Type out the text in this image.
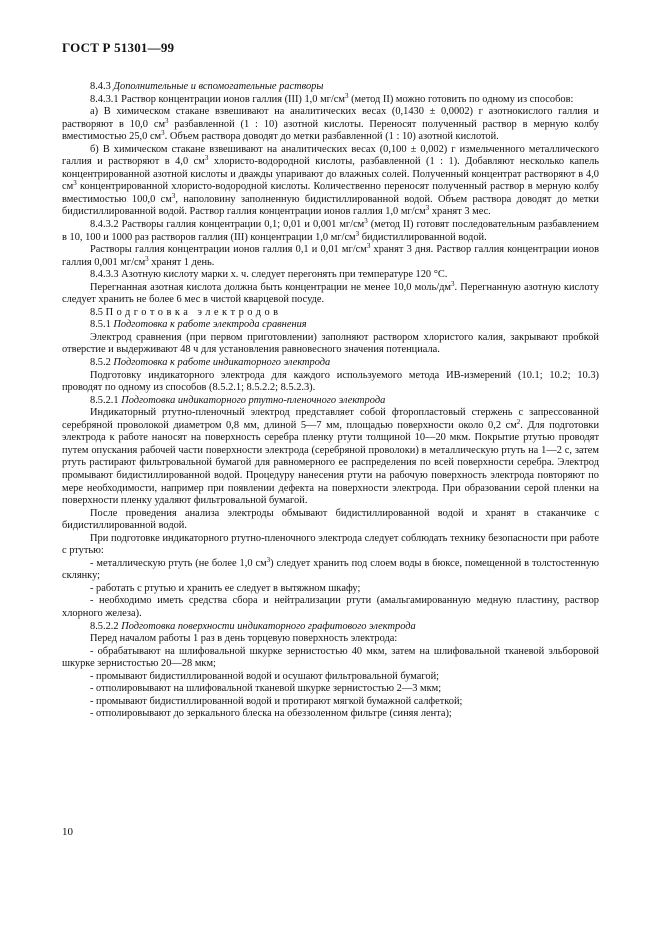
ГОСТ Р 51301—99

8.4.3 Дополнительные и вспомогательные растворы

8.4.3.1 Раствор концентрации ионов галлия (III) 1,0 $мг/см^3$ (метод II) можно готовить по одному из способов:

а) В химическом стакане взвешивают на аналитических весах (0,1430 ± 0,0002) г азотнокислого галлия и растворяют в 10,0 $см^3$ разбавленной (1 : 10) азотной кислоты. Переносят полученный раствор в мерную колбу вместимостью 25,0 $см^3$. Объем раствора доводят до метки разбавленной (1 : 10) азотной кислотой.

б) В химическом стакане взвешивают на аналитических весах (0,100 ± 0,002) г измельченного металлического галлия и растворяют в 4,0 $см^3$ хлористо-водородной кислоты, разбавленной (1 : 1). Добавляют несколько капель концентрированной азотной кислоты и дважды упаривают до влажных солей. Полученный концентрат растворяют в 4,0 $см^3$ концентрированной хлористо-водородной кислоты. Количественно переносят полученный раствор в мерную колбу вместимостью 100,0 $см^3$, наполовину заполненную бидистиллированной водой. Объем раствора доводят до метки бидистиллированной водой. Раствор галлия концентрации ионов галлия 1,0 $мг/см^3$ хранят 3 мес.

8.4.3.2 Растворы галлия концентрации 0,1; 0,01 и 0,001 $мг/см^3$ (метод II) готовят последовательным разбавлением в 10, 100 и 1000 раз растворов галлия (III) концентрации 1,0 $мг/см^3$ бидистиллированной водой.

Растворы галлия концентрации ионов галлия 0,1 и 0,01 $мг/см^3$ хранят 3 дня. Раствор галлия концентрации ионов галлия 0,001 $мг/см^3$ хранят 1 день.

8.4.3.3 Азотную кислоту марки х. ч. следует перегонять при температуре 120 °С.

Перегнанная азотная кислота должна быть концентрации не менее 10,0 моль/$дм^3$. Перегнанную азотную кислоту следует хранить не более 6 мес в чистой кварцевой посуде.

8.5 Подготовка электродов

8.5.1 Подготовка к работе электрода сравнения

Электрод сравнения (при первом приготовлении) заполняют раствором хлористого калия, закрывают пробкой отверстие и выдерживают 48 ч для установления равновесного значения потенциала.

8.5.2 Подготовка к работе индикаторного электрода

Подготовку индикаторного электрода для каждого используемого метода ИВ-измерений (10.1; 10.2; 10.3) проводят по одному из способов (8.5.2.1; 8.5.2.2; 8.5.2.3).

8.5.2.1 Подготовка индикаторного ртутно-пленочного электрода

Индикаторный ртутно-пленочный электрод представляет собой фторопластовый стержень с запрессованной серебряной проволокой диаметром 0,8 мм, длиной 5—7 мм, площадью поверхности около 0,2 $см^2$. Для подготовки электрода к работе наносят на поверхность серебра пленку ртути толщиной 10—20 мкм. Покрытие ртутью проводят путем опускания рабочей части поверхности электрода (серебряной проволоки) в металлическую ртуть на 1—2 с, затем ртуть растирают фильтровальной бумагой для равномерного ее распределения по всей поверхности серебра. Электрод промывают бидистиллированной водой. Процедуру нанесения ртути на рабочую поверхность электрода повторяют по мере необходимости, например при появлении дефекта на поверхности электрода. При образовании серой пленки на поверхности пленку удаляют фильтровальной бумагой.

После проведения анализа электроды обмывают бидистиллированной водой и хранят в стаканчике с бидистиллированной водой.

При подготовке индикаторного ртутно-пленочного электрода следует соблюдать технику безопасности при работе с ртутью:

- металлическую ртуть (не более 1,0 $см^3$) следует хранить под слоем воды в бюксе, помещенной в толстостенную склянку;

- работать с ртутью и хранить ее следует в вытяжном шкафу;

- необходимо иметь средства сбора и нейтрализации ртути (амальгамированную медную пластину, раствор хлорного железа).

8.5.2.2 Подготовка поверхности индикаторного графитового электрода

Перед началом работы 1 раз в день торцевую поверхность электрода:

- обрабатывают на шлифовальной шкурке зернистостью 40 мкм, затем на шлифовальной тканевой эльборовой шкурке зернистостью 20—28 мкм;

- промывают бидистиллированной водой и осушают фильтровальной бумагой;

- отполировывают на шлифовальной тканевой шкурке зернистостью 2—3 мкм;

- промывают бидистиллированной водой и протирают мягкой бумажной салфеткой;

- отполировывают до зеркального блеска на обеззоленном фильтре (синяя лента);

10
